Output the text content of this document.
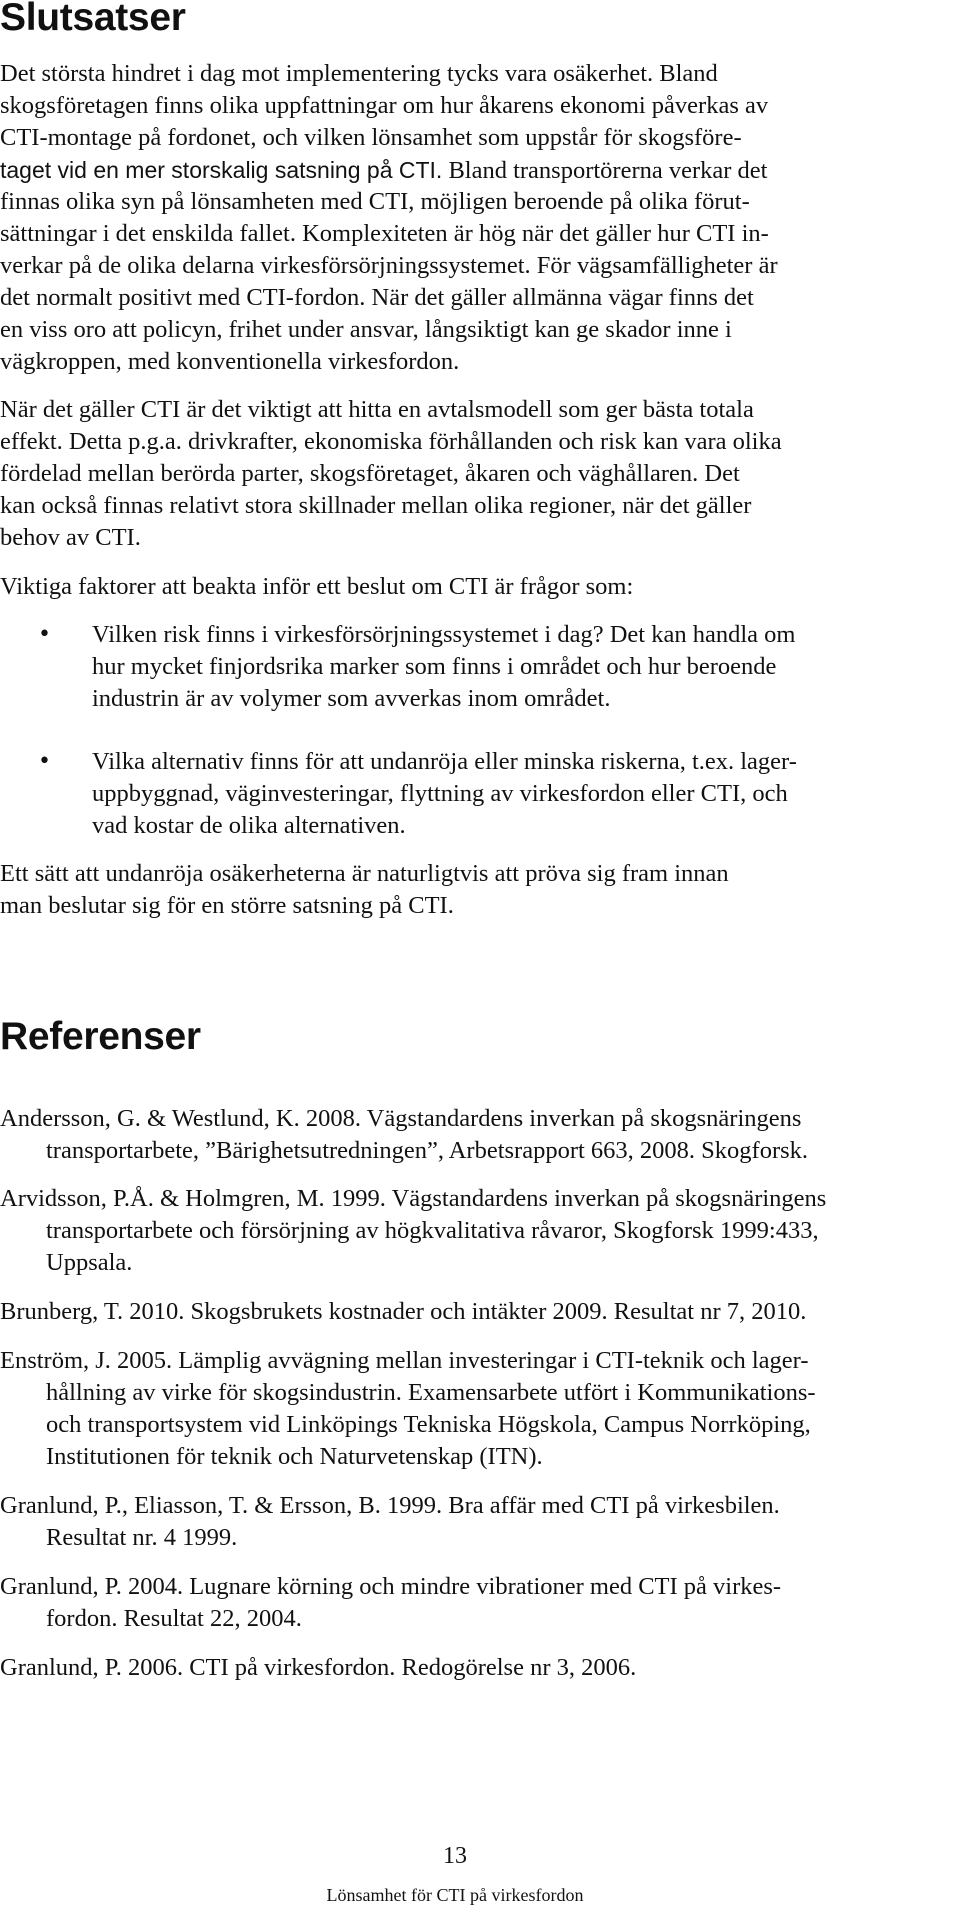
Slutsatser
Det största hindret i dag mot implementering tycks vara osäkerhet. Bland
skogsföretagen finns olika uppfattningar om hur åkarens ekonomi påverkas av
CTI-montage på fordonet, och vilken lönsamhet som uppstår för skogsföre-
taget vid en mer storskalig satsning på CTI. Bland transportörerna verkar det
finnas olika syn på lönsamheten med CTI, möjligen beroende på olika förut-
sättningar i det enskilda fallet. Komplexiteten är hög när det gäller hur CTI in-
verkar på de olika delarna virkesförsörjningssystemet. För vägsamfälligheter är
det normalt positivt med CTI-fordon. När det gäller allmänna vägar finns det
en viss oro att policyn, frihet under ansvar, långsiktigt kan ge skador inne i
vägkroppen, med konventionella virkesfordon.
När det gäller CTI är det viktigt att hitta en avtalsmodell som ger bästa totala
effekt. Detta p.g.a. drivkrafter, ekonomiska förhållanden och risk kan vara olika
fördelad mellan berörda parter, skogsföretaget, åkaren och väghållaren. Det
kan också finnas relativt stora skillnader mellan olika regioner, när det gäller
behov av CTI.
Viktiga faktorer att beakta inför ett beslut om CTI är frågor som:
• Vilken risk finns i virkesförsörjningssystemet i dag? Det kan handla om
hur mycket finjordsrika marker som finns i området och hur beroende
industrin är av volymer som avverkas inom området.
• Vilka alternativ finns för att undanröja eller minska riskerna, t.ex. lager-
uppbyggnad, väginvesteringar, flyttning av virkesfordon eller CTI, och
vad kostar de olika alternativen.
Ett sätt att undanröja osäkerheterna är naturligtvis att pröva sig fram innan
man beslutar sig för en större satsning på CTI.
Referenser
Andersson, G. & Westlund, K. 2008. Vägstandardens inverkan på skogsnäringens
transportarbete, ”Bärighetsutredningen”, Arbetsrapport 663, 2008. Skogforsk.
Arvidsson, P.Å. & Holmgren, M. 1999. Vägstandardens inverkan på skogsnäringens
transportarbete och försörjning av högkvalitativa råvaror, Skogforsk 1999:433,
Uppsala.
Brunberg, T. 2010. Skogsbrukets kostnader och intäkter 2009. Resultat nr 7, 2010.
Enström, J. 2005. Lämplig avvägning mellan investeringar i CTI-teknik och lager-
hållning av virke för skogsindustrin. Examensarbete utfört i Kommunikations-
och transportsystem vid Linköpings Tekniska Högskola, Campus Norrköping,
Institutionen för teknik och Naturvetenskap (ITN).
Granlund, P., Eliasson, T. & Ersson, B. 1999. Bra affär med CTI på virkesbilen.
Resultat nr. 4 1999.
Granlund, P. 2004. Lugnare körning och mindre vibrationer med CTI på virkes-
fordon. Resultat 22, 2004.
Granlund, P. 2006. CTI på virkesfordon. Redogörelse nr 3, 2006.
13
Lönsamhet för CTI på virkesfordon
